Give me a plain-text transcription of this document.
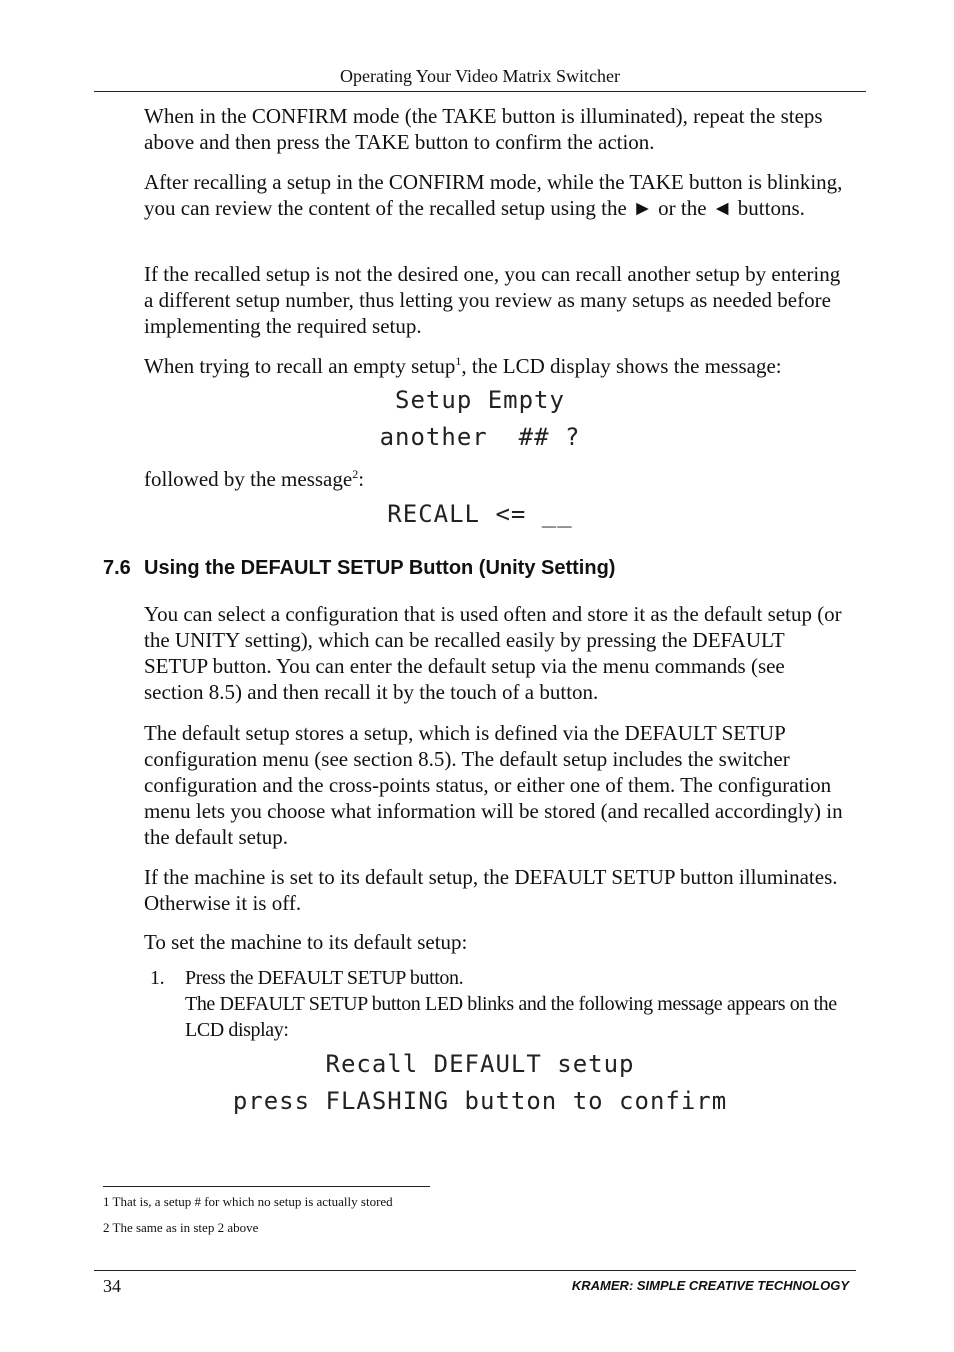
Operating Your Video Matrix Switcher

When in the CONFIRM mode (the TAKE button is illuminated), repeat the steps above and then press the TAKE button to confirm the action.

After recalling a setup in the CONFIRM mode, while the TAKE button is blinking, you can review the content of the recalled setup using the ► or the ◄ buttons.

If the recalled setup is not the desired one, you can recall another setup by entering a different setup number, thus letting you review as many setups as needed before implementing the required setup.

When trying to recall an empty setup$^1$, the LCD display shows the message:

Setup Empty
another  ## ?

followed by the message$^2$:

RECALL <= __
7.6 Using the DEFAULT SETUP Button (Unity Setting)

You can select a configuration that is used often and store it as the default setup (or the UNITY setting), which can be recalled easily by pressing the DEFAULT SETUP button. You can enter the default setup via the menu commands (see section 8.5) and then recall it by the touch of a button.

The default setup stores a setup, which is defined via the DEFAULT SETUP configuration menu (see section 8.5). The default setup includes the switcher configuration and the cross-points status, or either one of them. The configuration menu lets you choose what information will be stored (and recalled accordingly) in the default setup.

If the machine is set to its default setup, the DEFAULT SETUP button illuminates. Otherwise it is off.

To set the machine to its default setup:

1. Press the DEFAULT SETUP button.
The DEFAULT SETUP button LED blinks and the following message appears on the LCD display:
Recall DEFAULT setup
press FLASHING button to confirm
1 That is, a setup # for which no setup is actually stored
2 The same as in step 2 above
34	KRAMER: SIMPLE CREATIVE TECHNOLOGY
